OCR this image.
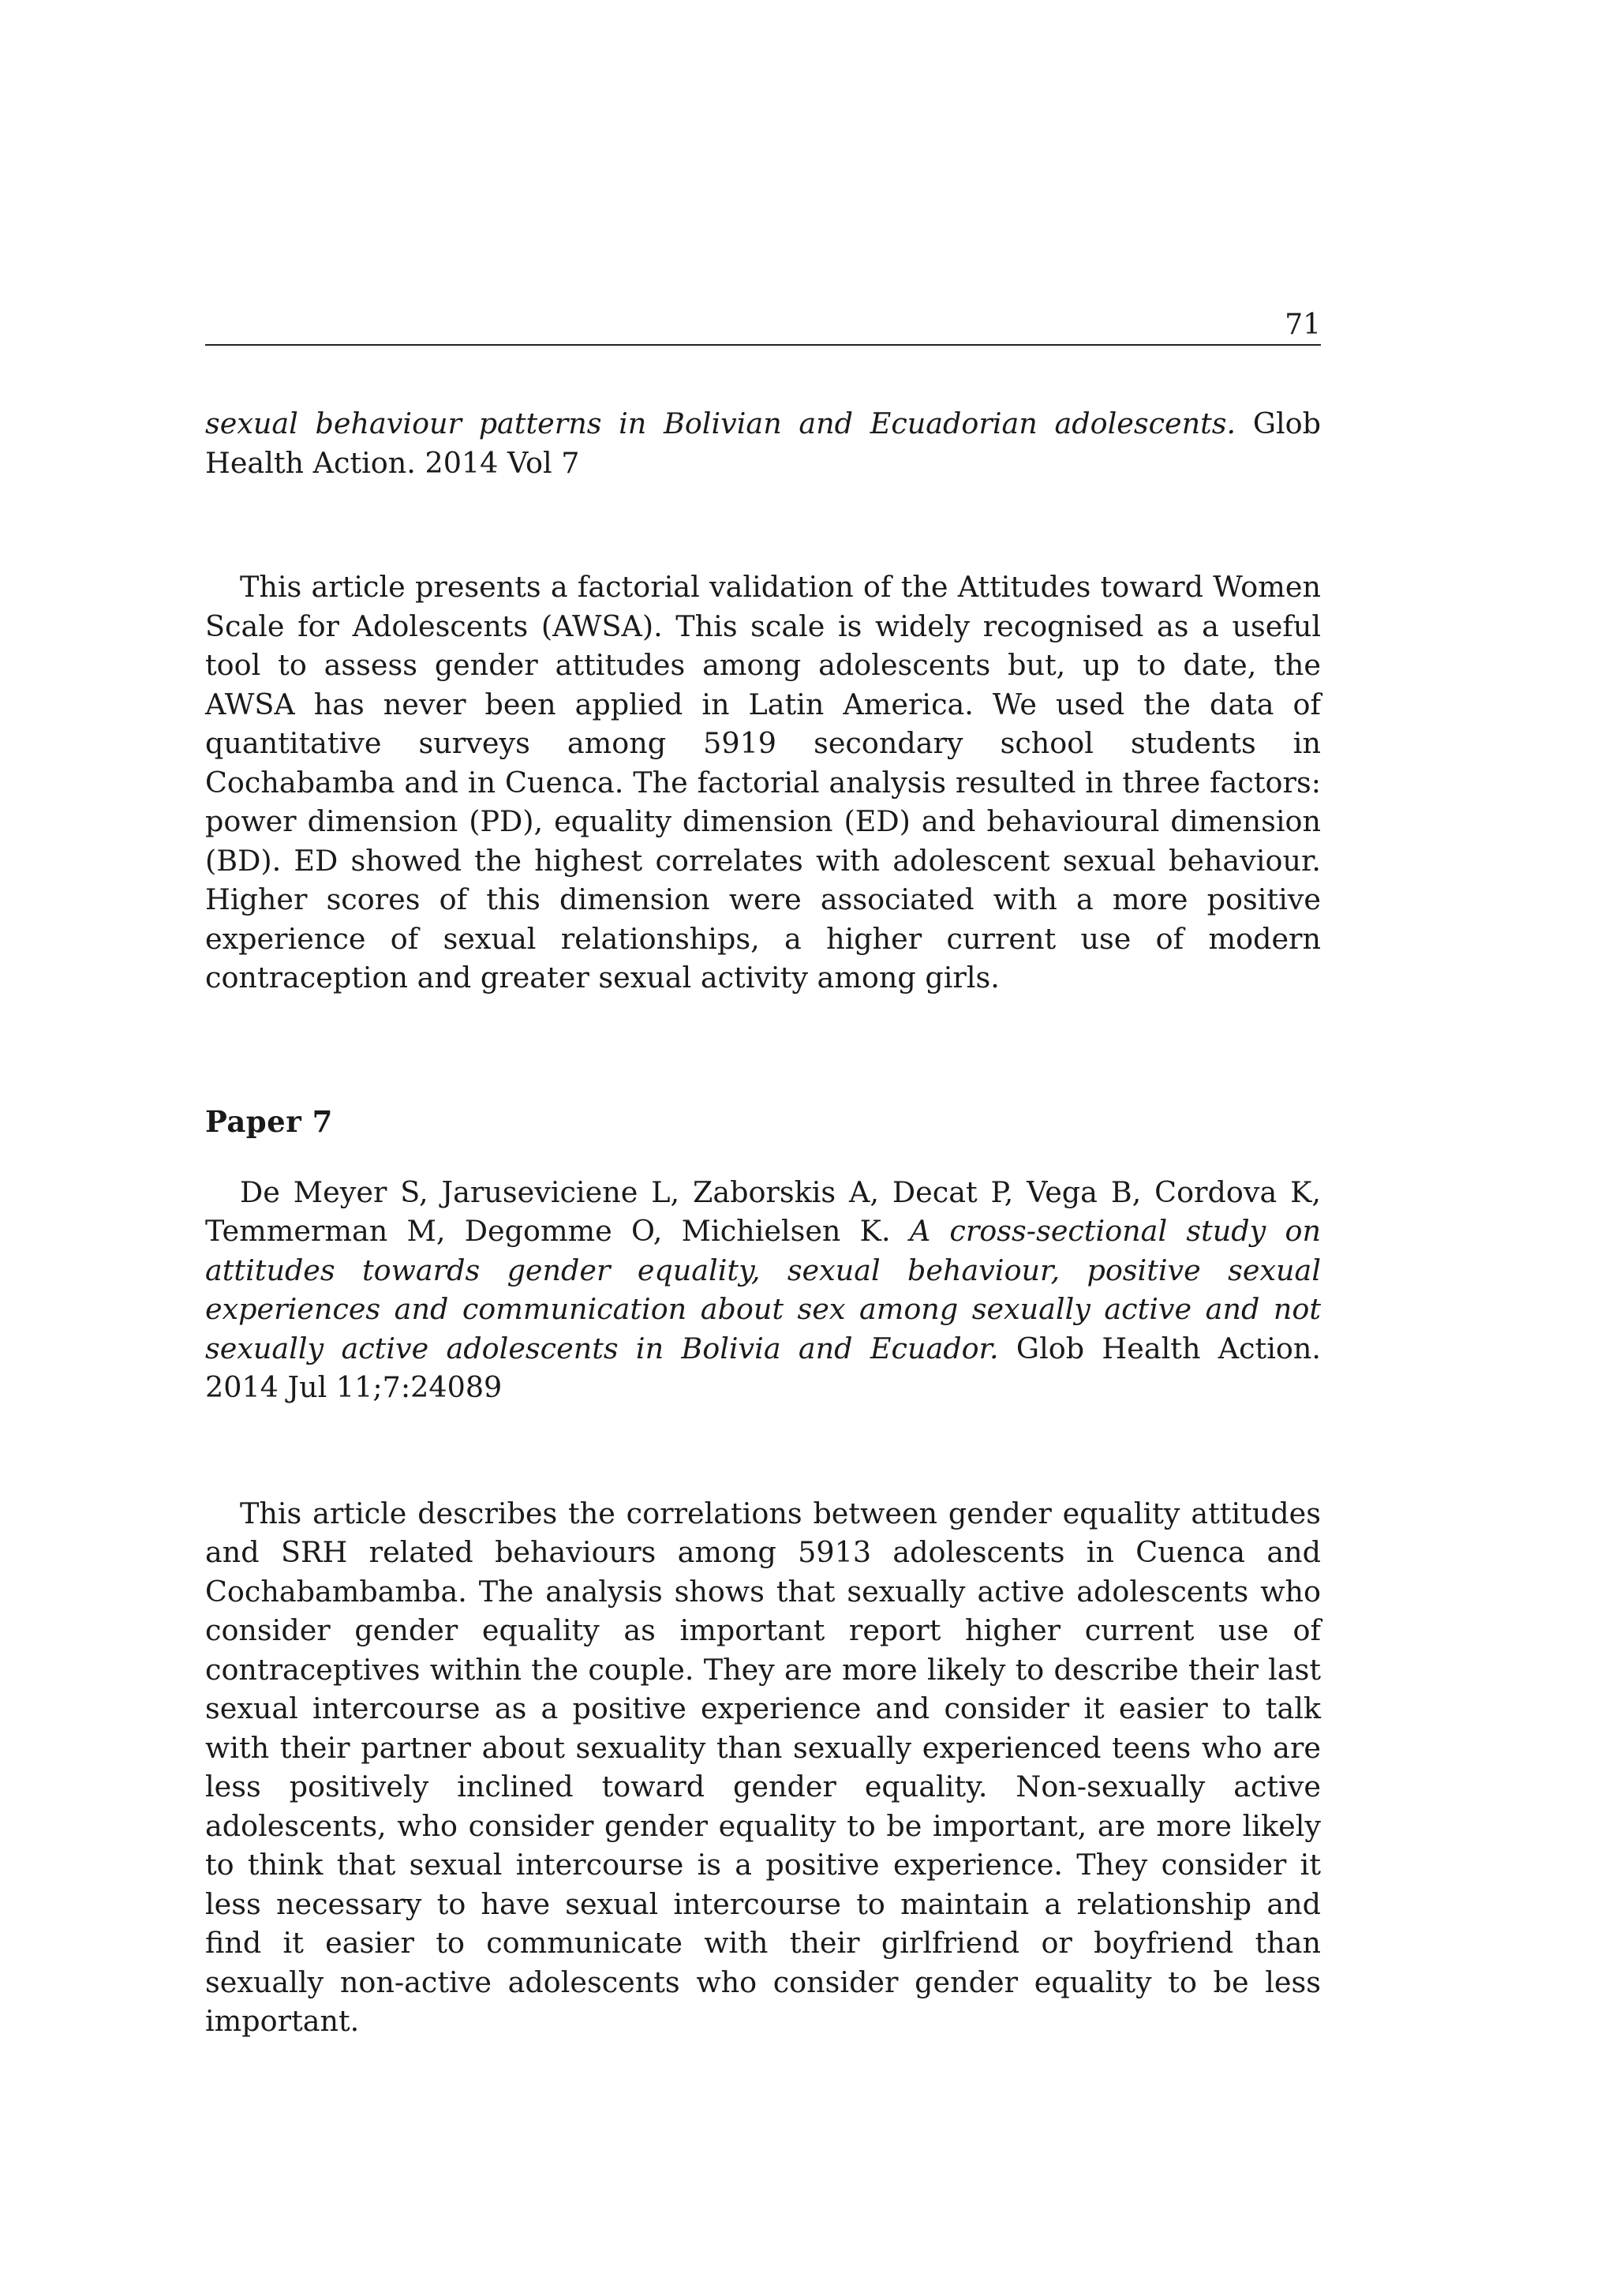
71

sexual behaviour patterns in Bolivian and Ecuadorian adolescents. Glob Health Action. 2014 Vol 7

This article presents a factorial validation of the Attitudes toward Women Scale for Adolescents (AWSA). This scale is widely recognised as a useful tool to assess gender attitudes among adolescents but, up to date, the AWSA has never been applied in Latin America. We used the data of quantitative surveys among 5919 secondary school students in Cochabamba and in Cuenca. The factorial analysis resulted in three factors: power dimension (PD), equality dimension (ED) and behavioural dimension (BD). ED showed the highest correlates with adolescent sexual behaviour. Higher scores of this dimension were associated with a more positive experience of sexual relationships, a higher current use of modern contraception and greater sexual activity among girls.

Paper 7

De Meyer S, Jaruseviciene L, Zaborskis A, Decat P, Vega B, Cordova K, Temmerman M, Degomme O, Michielsen K. A cross-sectional study on attitudes towards gender equality, sexual behaviour, positive sexual experiences and communication about sex among sexually active and not sexually active adolescents in Bolivia and Ecuador. Glob Health Action. 2014 Jul 11;7:24089

This article describes the correlations between gender equality attitudes and SRH related behaviours among 5913 adolescents in Cuenca and Cochabambamba. The analysis shows that sexually active adolescents who consider gender equality as important report higher current use of contraceptives within the couple. They are more likely to describe their last sexual intercourse as a positive experience and consider it easier to talk with their partner about sexuality than sexually experienced teens who are less positively inclined toward gender equality. Non-sexually active adolescents, who consider gender equality to be important, are more likely to think that sexual intercourse is a positive experience. They consider it less necessary to have sexual intercourse to maintain a relationship and find it easier to communicate with their girlfriend or boyfriend than sexually non-active adolescents who consider gender equality to be less important.
